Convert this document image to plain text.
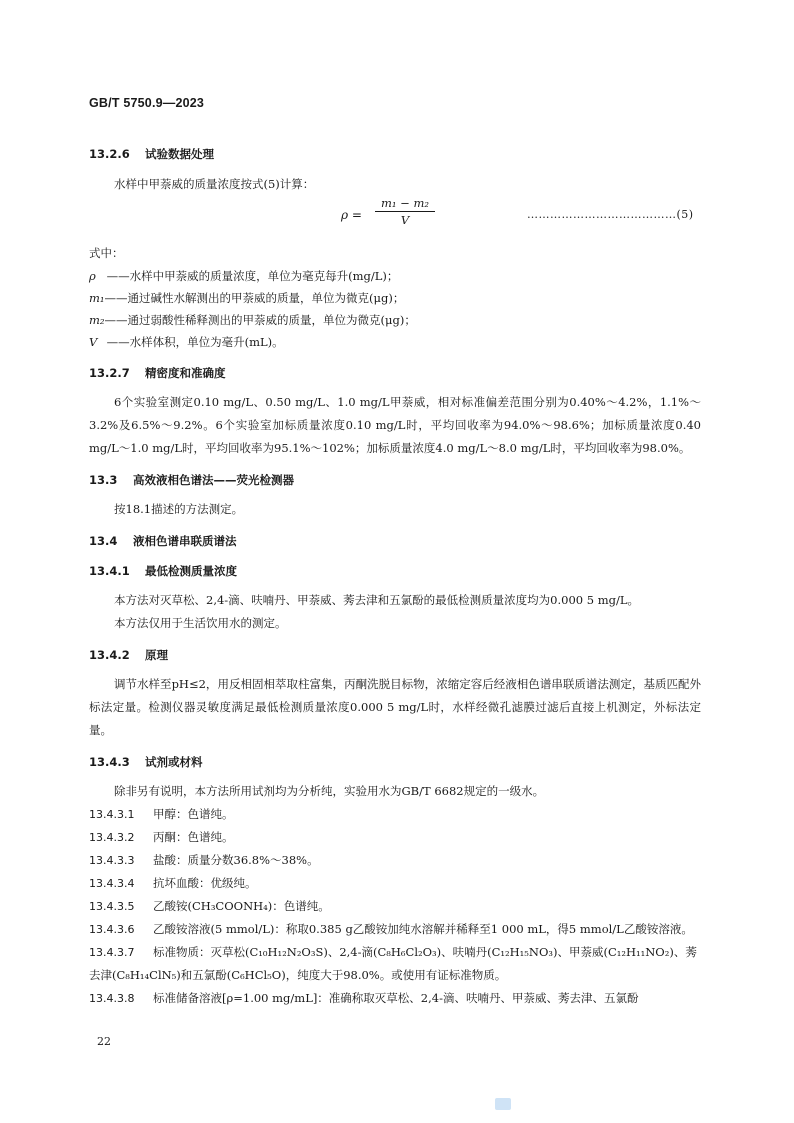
GB/T 5750.9—2023

13.2.6 试验数据处理

水样中甲萘威的质量浓度按式(5)计算：

$\rho = \frac{\text{m₁ − m₂}}{V}$	…………………………………(5)

式中：

ρ ——水样中甲萘威的质量浓度，单位为毫克每升(mg/L)；

m₁——通过碱性水解测出的甲萘威的质量，单位为微克(μg)；

m₂——通过弱酸性稀释测出的甲萘威的质量，单位为微克(μg)；

V ——水样体积，单位为毫升(mL)。

13.2.7 精密度和准确度

6个实验室测定0.10 mg/L、0.50 mg/L、1.0 mg/L甲萘威，相对标准偏差范围分别为0.40%～4.2%，1.1%～3.2%及6.5%～9.2%。6个实验室加标质量浓度0.10 mg/L时，平均回收率为94.0%～98.6%；加标质量浓度0.40 mg/L～1.0 mg/L时，平均回收率为95.1%～102%；加标质量浓度4.0 mg/L～8.0 mg/L时，平均回收率为98.0%。

13.3 高效液相色谱法——荧光检测器

按18.1描述的方法测定。

13.4 液相色谱串联质谱法

13.4.1 最低检测质量浓度

本方法对灭草松、2,4-滴、呋喃丹、甲萘威、莠去津和五氯酚的最低检测质量浓度均为0.000 5 mg/L。

本方法仅用于生活饮用水的测定。

13.4.2 原理

调节水样至pH≤2，用反相固相萃取柱富集，丙酮洗脱目标物，浓缩定容后经液相色谱串联质谱法测定，基质匹配外标法定量。检测仪器灵敏度满足最低检测质量浓度0.000 5 mg/L时，水样经微孔滤膜过滤后直接上机测定，外标法定量。

13.4.3 试剂或材料

除非另有说明，本方法所用试剂均为分析纯，实验用水为GB/T 6682规定的一级水。

13.4.3.1 甲醇：色谱纯。

13.4.3.2 丙酮：色谱纯。

13.4.3.3 盐酸：质量分数36.8%～38%。

13.4.3.4 抗坏血酸：优级纯。

13.4.3.5 乙酸铵(CH₃COONH₄)：色谱纯。

13.4.3.6 乙酸铵溶液(5 mmol/L)：称取0.385 g乙酸铵加纯水溶解并稀释至1 000 mL，得5 mmol/L乙酸铵溶液。

13.4.3.7 标准物质：灭草松(C₁₀H₁₂N₂O₃S)、2,4-滴(C₈H₆Cl₂O₃)、呋喃丹(C₁₂H₁₅NO₃)、甲萘威(C₁₂H₁₁NO₂)、莠去津(C₈H₁₄ClN₅)和五氯酚(C₆HCl₅O)，纯度大于98.0%。或使用有证标准物质。

13.4.3.8 标准储备溶液[ρ=1.00 mg/mL]：准确称取灭草松、2,4-滴、呋喃丹、甲萘威、莠去津、五氯酚

22
